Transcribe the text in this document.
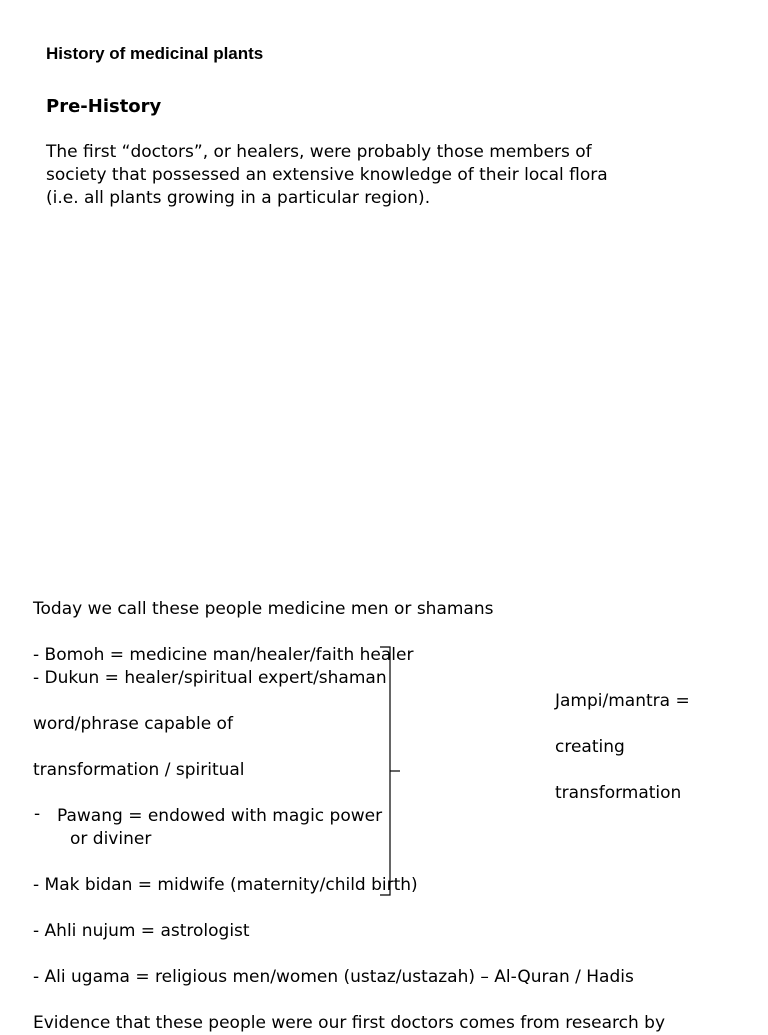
History of medicinal plants
Pre-History
The first “doctors”, or healers, were probably those members of
society that possessed an extensive knowledge of their local flora
(i.e. all plants growing in a particular region).
Today we call these people medicine men or shamans
- Bomoh = medicine man/healer/faith healer
- Dukun = healer/spiritual expert/shaman
Jampi/mantra =
word/phrase capable of
creating
transformation / spiritual
transformation
- Pawang = endowed with magic power
or diviner
- Mak bidan = midwife (maternity/child birth)
- Ahli nujum = astrologist
- Ali ugama = religious men/women (ustaz/ustazah) – Al-Quran / Hadis
Evidence that these people were our first doctors comes from research by
